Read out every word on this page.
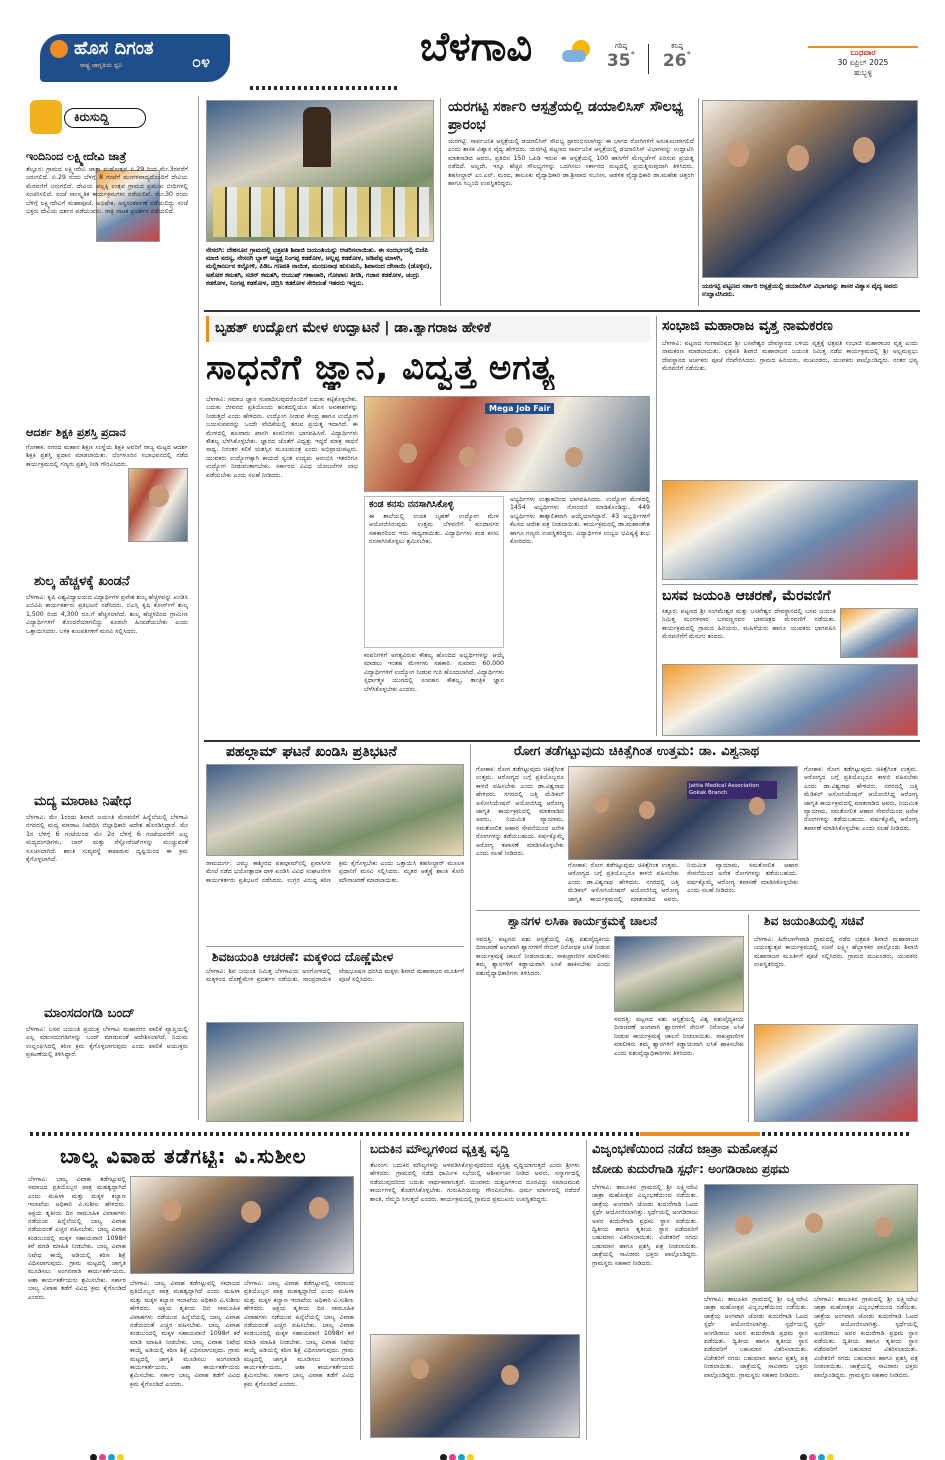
ಹೊಸ ದಿಗಂತ
ರಾಷ್ಟ್ರ ಜಾಗೃತಿಯ ಧ್ವನಿ	೦೪	ಬೆಳಗಾವಿ	ಗರಿಷ್ಠ
35°
ಕನಿಷ್ಠ
26°	ಬುಧವಾರ
30 ಏಪ್ರಿಲ್ 2025
ಹುಬ್ಬಳ್ಳಿ
ಕಿರುಸುದ್ದಿ
ಇಂದಿನಿಂದ ಲಕ್ಷ್ಮೀದೇವಿ ಜಾತ್ರೆ
ತೆಲ್ಲೂರ: ಗ್ರಾಮದ ಲಕ್ಷ್ಮೀದೇವಿ ಜಾತ್ರಾ ಮಹೋತ್ಸವ ಏ.29 ರಿಂದ ಮೇ.3ರವರೆಗೆ ಜರುಗಲಿದೆ. ಏ.29 ರಂದು ಬೆಳಗ್ಗೆ 8 ಗಂಟೆಗೆ ಮಂಗಳವಾದ್ಯದೊಂದಿಗೆ ದೇವಿಯ ಮೆರವಣಿಗೆ ಜರುಗಲಿದೆ. ದೇವಿಯ ಪಲ್ಲಕ್ಕಿ ಉತ್ಸವ ಗ್ರಾಮದ ಪ್ರಮುಖ ಬೀದಿಗಳಲ್ಲಿ ಸಂಚರಿಸಲಿದೆ. ಸಂಜೆ ಸಾಂಸ್ಕೃತಿಕ ಕಾರ್ಯಕ್ರಮಗಳು ನಡೆಯಲಿವೆ. ಮೇ.30 ರಂದು ಬೆಳಿಗ್ಗೆ ಲಕ್ಷ್ಮೀದೇವಿಗೆ ಮಹಾಪೂಜೆ, ಅಭಿಷೇಕ, ಅನ್ನಸಂತರ್ಪಣೆ ನಡೆಯಲಿದ್ದು ಸಂಜೆ ಭಕ್ತರು ದೇವಿಯ ದರ್ಶನ ಪಡೆಯುವರು. ರಾತ್ರಿ ನಾಟಕ ಪ್ರದರ್ಶನ ನಡೆಯಲಿದೆ.
ಆದರ್ಶ ಶಿಕ್ಷಕಿ ಪ್ರಶಸ್ತಿ ಪ್ರದಾನ
ಗೋಕಾಕ: ನಗರದ ಮಹಾನ ಶಿಕ್ಷಣ ಸಂಸ್ಥೆಯ ಶಿಕ್ಷಕಿ ಅವರಿಗೆ ರಾಜ್ಯ ಮಟ್ಟದ ಆದರ್ಶ ಶಿಕ್ಷಕಿ ಪ್ರಶಸ್ತಿ ಪ್ರದಾನ ಮಾಡಲಾಯಿತು. ಬೆಂಗಳೂರಿನ ಸಭಾಭವನದಲ್ಲಿ ನಡೆದ ಕಾರ್ಯಕ್ರಮದಲ್ಲಿ ಗಣ್ಯರು ಪ್ರಶಸ್ತಿ ನೀಡಿ ಗೌರವಿಸಿದರು.
ಶುಲ್ಕ ಹೆಚ್ಚಳಕ್ಕೆ ಖಂಡನೆ
ಬೆಳಗಾವಿ: ಕೃಷಿ ವಿಶ್ವವಿದ್ಯಾಲಯದ ವಿದ್ಯಾರ್ಥಿಗಳ ಪ್ರವೇಶ ಶುಲ್ಕ ಹೆಚ್ಚಳವನ್ನು ಖಂಡಿಸಿ ಎಬಿವಿಪಿ ಕಾರ್ಯಕರ್ತರು ಪ್ರತಿಭಟನೆ ನಡೆಸಿದರು. ಬಿಎಸ್ಸಿ ಕೃಷಿ ಕೋರ್ಸ್‌ಗೆ ಶುಲ್ಕ 1,500 ರಿಂದ 4,300 ರೂ.ಗೆ ಹೆಚ್ಚಿಸಲಾಗಿದೆ. ಶುಲ್ಕ ಹೆಚ್ಚಳದಿಂದ ಗ್ರಾಮೀಣ ವಿದ್ಯಾರ್ಥಿಗಳಿಗೆ ತೊಂದರೆಯಾಗಲಿದ್ದು ಕೂಡಲೇ ಹಿಂಪಡೆಯಬೇಕು ಎಂದು ಒತ್ತಾಯಿಸಿದರು. ಬಳಿಕ ಕುಲಪತಿಗಳಿಗೆ ಮನವಿ ಸಲ್ಲಿಸಿದರು.
ಮದ್ಯ ಮಾರಾಟ ನಿಷೇಧ
ಬೆಳಗಾವಿ: ಮೇ 1ರಂದು ಶಿವಾಜಿ ಜಯಂತಿ ಮೆರವಣಿಗೆ ಹಿನ್ನೆಲೆಯಲ್ಲಿ ಬೆಳಗಾವಿ ನಗರದಲ್ಲಿ ಮದ್ಯ ಮಾರಾಟ ನಿಷೇಧಿಸಿ ಜಿಲ್ಲಾಧಿಕಾರಿ ಆದೇಶ ಹೊರಡಿಸಿದ್ದಾರೆ. ಮೇ 1ರ ಬೆಳಿಗ್ಗೆ 6 ಗಂಟೆಯಿಂದ ಮೇ 2ರ ಬೆಳಿಗ್ಗೆ 6 ಗಂಟೆಯವರೆಗೆ ಎಲ್ಲ ಮದ್ಯದಂಗಡಿಗಳು, ಬಾರ್ ಮತ್ತು ರೆಸ್ಟೋರೆಂಟ್‌ಗಳನ್ನು ಮುಚ್ಚುವಂತೆ ಸೂಚಿಸಲಾಗಿದೆ. ಶಾಂತಿ ಸುವ್ಯವಸ್ಥೆ ಕಾಪಾಡುವ ದೃಷ್ಟಿಯಿಂದ ಈ ಕ್ರಮ ಕೈಗೊಳ್ಳಲಾಗಿದೆ.
ಮಾಂಸದಂಗಡಿ ಬಂದ್
ಬೆಳಗಾವಿ: ಬಸವ ಜಯಂತಿ ಪ್ರಯುಕ್ತ ಬೆಳಗಾವಿ ಮಹಾನಗರ ಪಾಲಿಕೆ ವ್ಯಾಪ್ತಿಯಲ್ಲಿ ಎಲ್ಲ ಮಾಂಸದಂಗಡಿಗಳನ್ನು ಬಂದ್ ಮಾಡುವಂತೆ ಆದೇಶಿಸಲಾಗಿದೆ. ನಿಯಮ ಉಲ್ಲಂಘಿಸಿದಲ್ಲಿ ಕಠಿಣ ಕ್ರಮ ಕೈಗೊಳ್ಳಲಾಗುವುದು ಎಂದು ಪಾಲಿಕೆ ಆಯುಕ್ತರು ಪ್ರಕಟಣೆಯಲ್ಲಿ ತಿಳಿಸಿದ್ದಾರೆ.
ನೇಸರಗಿ: ದೇಶನೂರ ಗ್ರಾಮದಲ್ಲಿ ಛತ್ರಪತಿ ಶಿವಾಜಿ ಜಯಂತಿಯನ್ನು ಆಚರಿಸಲಾಯಿತು. ಈ ಸಂದರ್ಭದಲ್ಲಿ ಬಿಜೆಪಿ ಮಾಜಿ ಸದಸ್ಯ, ನೇಸರಗಿ ಬ್ಲಾಕ್ ಅಧ್ಯಕ್ಷ ನಿಂಗಪ್ಪ ಕಡಕೋಳ, ಅಲ್ಲಪ್ಪ ಕಡಕೋಳ, ಅಡಿವೆಪ್ಪ ಮಾಳಗಿ, ಮಲ್ಲಿಕಾರ್ಜುನ ಕಲ್ಲೋಳಿ, ಪಿಡಿಒ ಗಣಪತಿ ನಾಯಿಕ, ಮಂಜುನಾಥ ಹುಲಮನಿ, ಶಿವಾನಂದ ದೇಸಾಯಿ (ಡೊಳ್ಳಿನ), ಅಶೋಕ ಕಮತಗಿ, ಸಚಿನ್ ಕಮತಗಿ, ಆಯುಷ್ ಗಣಾಚಾರಿ, ಗೋಪಾಲ ತಿಗಡಿ, ಗಜಾನ ಕಡಕೋಳ, ಚಂದ್ರು ಕಡಕೋಳ, ನಿಂಗಪ್ಪ ಕಡಕೋಳ, ಚಿದ್ರಿಸಿ ಕಡಕೋಳ ಸೇರಿದಂತೆ ಇತರರು ಇದ್ದರು.
ಯರಗಟ್ಟಿ ಸರ್ಕಾರಿ ಆಸ್ಪತ್ರೆಯಲ್ಲಿ ಡಯಾಲಿಸಿಸ್ ಸೌಲಭ್ಯ ಪ್ರಾರಂಭ
ಯರಗಟ್ಟಿ: ಸಾರ್ವಜನಿಕ ಆಸ್ಪತ್ರೆಯಲ್ಲಿ ಡಯಾಲಿಸಿಸ್ ಸೌಲಭ್ಯ ಪ್ರಾರಂಭಿಸಲಾಗಿದ್ದು ಈ ಭಾಗದ ರೋಗಿಗಳಿಗೆ ಅನುಕೂಲವಾಗಲಿದೆ ಎಂದು ಶಾಸಕ ವಿಶ್ವಾಸ ವೈದ್ಯ ಹೇಳಿದರು. ಯರಗಟ್ಟಿ ಪಟ್ಟಣದ ಸಾರ್ವಜನಿಕ ಆಸ್ಪತ್ರೆಯಲ್ಲಿ ಡಯಾಲಿಸಿಸ್ ವಿಭಾಗವನ್ನು ಉದ್ಘಾಟಿಸಿ ಮಾತನಾಡಿದ ಅವರು, ಪ್ರತಿದಿನ 150 ಒಪಿಡಿ ಇರುವ ಈ ಆಸ್ಪತ್ರೆಯಲ್ಲಿ 100 ಹಾಸಿಗೆಗೆ ಮೇಲ್ದರ್ಜೆಗೆ ಏರಿಸುವ ಪ್ರಯತ್ನ ನಡೆದಿದೆ. ಅಲ್ಲದೇ, ಇನ್ನೂ ಹೆಚ್ಚಿನ ಸೌಲಭ್ಯಗಳನ್ನು ಒದಗಿಸಲು ಸರ್ಕಾರದ ಮಟ್ಟದಲ್ಲಿ ಪ್ರಯತ್ನಿಸುವುದಾಗಿ ತಿಳಿಸಿದರು. ತಹಸೀಲ್ದಾರ್ ಎಂ.ಎನ್. ಮಠದ, ತಾಲೂಕು ವೈದ್ಯಾಧಿಕಾರಿ ಡಾ.ಶ್ರೀಪಾದ ಸಬನೀಸ, ಆಡಳಿತ ವೈದ್ಯಾಧಿಕಾರಿ ಡಾ.ಮಹೇಶ ಚಿತ್ತರಗಿ ಹಾಗೂ ಸಿಬ್ಬಂದಿ ಉಪಸ್ಥಿತರಿದ್ದರು.
ಯರಗಟ್ಟಿ ಪಟ್ಟಣದ ಸರ್ಕಾರಿ ಆಸ್ಪತ್ರೆಯಲ್ಲಿ ಡಯಾಲಿಸಿಸ್ ವಿಭಾಗವನ್ನು ಶಾಸಕ ವಿಶ್ವಾಸ ವೈದ್ಯ ಅವರು ಉದ್ಘಾಟಿಸಿದರು.
ಬೃಹತ್ ಉದ್ಯೋಗ ಮೇಳ ಉದ್ಘಾಟನೆ | ಡಾ.ತ್ಯಾಗರಾಜ ಹೇಳಿಕೆ
ಸಾಧನೆಗೆ ಜ್ಞಾನ, ವಿದ್ವತ್ತ ಅಗತ್ಯ
ಬೆಳಗಾವಿ: ಸಮಾಜ ಜ್ಞಾನ ಸಂಪಾದಿಸುವುದರೊಂದಿಗೆ ಬದುಕು ಕಟ್ಟಿಕೊಳ್ಳಬೇಕು. ಬದುಕು ಜೀವನದ ಪ್ರತಿಯೊಂದು ಹಂತದಲ್ಲಿಯೂ ಹೊಸ ಅವಕಾಶಗಳನ್ನು ನೀಡುತ್ತದೆ ಎಂದು ಹೇಳಿದರು. ಉದ್ಯೋಗ ನೀಡುವ ಕೇಂದ್ರ ಹಾಗೂ ಉದ್ಯೋಗ ಬಯಸುವವರನ್ನು ಒಂದೇ ವೇದಿಕೆಯಲ್ಲಿ ತರುವ ಪ್ರಯತ್ನ ಇದಾಗಿದೆ. ಈ ಮೇಳದಲ್ಲಿ ಹಲವಾರು ಖಾಸಗಿ ಕಂಪನಿಗಳು ಭಾಗವಹಿಸಿವೆ. ವಿದ್ಯಾರ್ಥಿಗಳು ಕೌಶಲ್ಯ ಬೆಳೆಸಿಕೊಳ್ಳಬೇಕು. ಜ್ಞಾನದ ಜೊತೆಗೆ ವಿದ್ವತ್ತು ಇದ್ದರೆ ಮಾತ್ರ ಸಾಧನೆ ಸಾಧ್ಯ. ನಿರಂತರ ಕಲಿಕೆ ಯಶಸ್ಸಿನ ಮೂಲಮಂತ್ರ ಎಂದು ಅಭಿಪ್ರಾಯಪಟ್ಟರು. ಯುವಕರು ಉದ್ಯೋಗಕ್ಕಾಗಿ ಕಾಯದೆ ಸ್ವಂತ ಉದ್ಯಮ ಆರಂಭಿಸಿ ಇತರರಿಗೂ ಉದ್ಯೋಗ ನೀಡುವಂತಾಗಬೇಕು. ಸರ್ಕಾರದ ವಿವಿಧ ಯೋಜನೆಗಳ ಲಾಭ ಪಡೆಯಬೇಕು ಎಂದು ಸಲಹೆ ನೀಡಿದರು.
Mega Job Fair
ಕಂಡ ಕನಸು ನನಸಾಗಿಸಿಕೊಳ್ಳಿ
ಈ ಶಾಲೆಯಲ್ಲಿ ಉಚಿತ ಬೃಹತ್ ಉದ್ಯೋಗ ಮೇಳ ಆಯೋಜಿಸಿರುವುದು ಉತ್ತಮ ಬೆಳವಣಿಗೆ. ಕುಂದಾನಗರ ಸಹಕಾರದಿಂದ ಇದು ಸಾಧ್ಯವಾಯಿತು. ವಿದ್ಯಾರ್ಥಿಗಳು ಕಂಡ ಕನಸು ನನಸಾಗಿಸಿಕೊಳ್ಳಲು ಶ್ರಮಿಸಬೇಕು.
ಕಂಪನಿಗಳಿಗೆ ಅಗತ್ಯವಿರುವ ಕೌಶಲ್ಯ ಹೊಂದಿದ ಅಭ್ಯರ್ಥಿಗಳನ್ನು ಆಯ್ಕೆ ಮಾಡಲು ಇಂತಹ ಮೇಳಗಳು ಸಹಕಾರಿ. ಸುಮಾರು 60,000 ವಿದ್ಯಾರ್ಥಿಗಳಿಗೆ ಉದ್ಯೋಗ ನೀಡುವ ಗುರಿ ಹೊಂದಲಾಗಿದೆ. ವಿದ್ಯಾರ್ಥಿಗಳು ಸ್ಪರ್ಧಾತ್ಮಕ ಯುಗದಲ್ಲಿ ಸಂವಹನ ಕೌಶಲ್ಯ, ತಾಂತ್ರಿಕ ಜ್ಞಾನ ಬೆಳೆಸಿಕೊಳ್ಳಬೇಕು ಎಂದರು.
ಅಭ್ಯರ್ಥಿಗಳು ಉತ್ಸಾಹದಿಂದ ಭಾಗವಹಿಸಿದರು. ಉದ್ಯೋಗ ಮೇಳದಲ್ಲಿ 1454 ಅಭ್ಯರ್ಥಿಗಳು ನೋಂದಣಿ ಮಾಡಿಕೊಂಡಿದ್ದು, 449 ಅಭ್ಯರ್ಥಿಗಳು ತಾತ್ಕಾಲಿಕವಾಗಿ ಆಯ್ಕೆಯಾಗಿದ್ದಾರೆ. 43 ಅಭ್ಯರ್ಥಿಗಳಿಗೆ ಕೆಲಸದ ಆದೇಶ ಪತ್ರ ನೀಡಲಾಯಿತು. ಕಾರ್ಯಕ್ರಮದಲ್ಲಿ ಡಾ.ಮಹಾಂತೇಶ ಹಾಗೂ ಗಣ್ಯರು ಉಪಸ್ಥಿತರಿದ್ದರು. ವಿದ್ಯಾರ್ಥಿಗಳ ಉಜ್ವಲ ಭವಿಷ್ಯಕ್ಕೆ ಶುಭ ಕೋರಿದರು.
ಸಂಭಾಜಿ ಮಹಾರಾಜ ವೃತ್ತ ನಾಮಕರಣ
ಬೆಳಗಾವಿ: ಪಟ್ಟಣದ ಗಂಗಾಪರಿಷದ ಶ್ರೀ ಬಸವೇಶ್ವರ ದೇವಸ್ಥಾನದ ಬಳಿಯ ವೃತ್ತಕ್ಕೆ ಛತ್ರಪತಿ ಸಂಭಾಜಿ ಮಹಾರಾಜರ ವೃತ್ತ ಎಂದು ನಾಮಕರಣ ಮಾಡಲಾಯಿತು. ಛತ್ರಪತಿ ಶಿವಾಜಿ ಮಹಾರಾಜರ ಜಯಂತಿ ನಿಮಿತ್ತ ನಡೆದ ಕಾರ್ಯಕ್ರಮದಲ್ಲಿ ಶ್ರೀ ಅಲ್ಲಮಪ್ರಭು ದೇವಸ್ಥಾನದ ಅರ್ಚಕರು ಪೂಜೆ ನೆರವೇರಿಸಿದರು. ಗ್ರಾಮದ ಹಿರಿಯರು, ಮುಖಂಡರು, ಯುವಕರು ಪಾಲ್ಗೊಂಡಿದ್ದರು. ನಂತರ ಭವ್ಯ ಮೆರವಣಿಗೆ ನಡೆಯಿತು.
ಬಸವ ಜಯಂತಿ ಆಚರಣೆ, ಮೆರವಣಿಗೆ
ಕಿತ್ತೂರ: ಪಟ್ಟಣದ ಶ್ರೀ ಸಂಗಮೇಶ್ವರ ಮತ್ತು ಬಸವೇಶ್ವರ ದೇವಸ್ಥಾನದಲ್ಲಿ ಬಸವ ಜಯಂತಿ ನಿಮಿತ್ತ ಮಂಗಳವಾರ ಬಸವಣ್ಣನವರ ಭಾವಚಿತ್ರದ ಮೆರವಣಿಗೆ ನಡೆಯಿತು. ಕಾರ್ಯಕ್ರಮದಲ್ಲಿ ಗ್ರಾಮದ ಹಿರಿಯರು, ಮಹಿಳೆಯರು ಹಾಗೂ ಯುವಕರು ಭಾಗವಹಿಸಿ ಮೆರವಣಿಗೆಗೆ ಮೆರುಗು ತಂದರು.
ಪಹಲ್ಗಾಮ್ ಘಟನೆ ಖಂಡಿಸಿ ಪ್ರತಿಭಟನೆ
ರಾಮದುರ್ಗ: ಜಮ್ಮು ಕಾಶ್ಮೀರದ ಪಹಲ್ಗಾಮ್‌ನಲ್ಲಿ ಪ್ರವಾಸಿಗರ ಮೇಲೆ ನಡೆದ ಭಯೋತ್ಪಾದಕ ದಾಳಿ ಖಂಡಿಸಿ ವಿವಿಧ ಸಂಘಟನೆಗಳ ಕಾರ್ಯಕರ್ತರು ಪ್ರತಿಭಟನೆ ನಡೆಸಿದರು. ಉಗ್ರರ ವಿರುದ್ಧ ಕಠಿಣ ಕ್ರಮ ಕೈಗೊಳ್ಳಬೇಕು ಎಂದು ಒತ್ತಾಯಿಸಿ ತಹಸೀಲ್ದಾರ್ ಮೂಲಕ ಪ್ರಧಾನಿಗೆ ಮನವಿ ಸಲ್ಲಿಸಿದರು. ಮೃತರ ಆತ್ಮಕ್ಕೆ ಶಾಂತಿ ಕೋರಿ ಮೌನಾಚರಣೆ ಮಾಡಲಾಯಿತು.
ಶಿವಜಯಂತಿ ಆಚರಣೆ: ಮಕ್ಕಳಿಂದ ದೊಣ್ಣೆಮೇಳ
ಬೆಳಗಾವಿ: ಶಿವ ಜಯಂತಿ ನಿಮಿತ್ತ ಬೆಳಗಾವಿಯ ಅನಗೋಳದಲ್ಲಿ ಮಕ್ಕಳಿಂದ ದೊಣ್ಣೆಮೇಳ ಪ್ರದರ್ಶನ ನಡೆಯಿತು. ಸಾಂಪ್ರದಾಯಿಕ ವೇಷಭೂಷಣ ಧರಿಸಿದ ಮಕ್ಕಳು ಶಿವಾಜಿ ಮಹಾರಾಜರ ಮೂರ್ತಿಗೆ ಪೂಜೆ ಸಲ್ಲಿಸಿದರು.
ರೋಗ ತಡೆಗಟ್ಟುವುದು ಚಿಕಿತ್ಸೆಗಿಂತ ಉತ್ತಮ: ಡಾ. ವಿಶ್ವನಾಥ
ಗೋಕಾಕ: ರೋಗ ತಡೆಗಟ್ಟುವುದು ಚಿಕಿತ್ಸೆಗಿಂತ ಉತ್ತಮ. ಆರೋಗ್ಯದ ಬಗ್ಗೆ ಪ್ರತಿಯೊಬ್ಬರೂ ಕಾಳಜಿ ವಹಿಸಬೇಕು ಎಂದು ಡಾ.ವಿಶ್ವನಾಥ ಹೇಳಿದರು. ನಗರದಲ್ಲಿ ಜತ್ತಿ ಮೆಡಿಕಲ್ ಅಸೋಸಿಯೇಷನ್ ಆಯೋಜಿಸಿದ್ದ ಆರೋಗ್ಯ ಜಾಗೃತಿ ಕಾರ್ಯಕ್ರಮದಲ್ಲಿ ಮಾತನಾಡಿದ ಅವರು, ನಿಯಮಿತ ವ್ಯಾಯಾಮ, ಸಮತೋಲಿತ ಆಹಾರ ಸೇವನೆಯಿಂದ ಅನೇಕ ರೋಗಗಳನ್ನು ತಡೆಯಬಹುದು. ವರ್ಷಕ್ಕೊಮ್ಮೆ ಆರೋಗ್ಯ ತಪಾಸಣೆ ಮಾಡಿಸಿಕೊಳ್ಳಬೇಕು ಎಂದು ಸಲಹೆ ನೀಡಿದರು.
Jattia Medical Association Gokak Branch
ಗೋಕಾಕ: ರೋಗ ತಡೆಗಟ್ಟುವುದು ಚಿಕಿತ್ಸೆಗಿಂತ ಉತ್ತಮ. ಆರೋಗ್ಯದ ಬಗ್ಗೆ ಪ್ರತಿಯೊಬ್ಬರೂ ಕಾಳಜಿ ವಹಿಸಬೇಕು ಎಂದು ಡಾ.ವಿಶ್ವನಾಥ ಹೇಳಿದರು. ನಗರದಲ್ಲಿ ಜತ್ತಿ ಮೆಡಿಕಲ್ ಅಸೋಸಿಯೇಷನ್ ಆಯೋಜಿಸಿದ್ದ ಆರೋಗ್ಯ ಜಾಗೃತಿ ಕಾರ್ಯಕ್ರಮದಲ್ಲಿ ಮಾತನಾಡಿದ ಅವರು, ನಿಯಮಿತ ವ್ಯಾಯಾಮ, ಸಮತೋಲಿತ ಆಹಾರ ಸೇವನೆಯಿಂದ ಅನೇಕ ರೋಗಗಳನ್ನು ತಡೆಯಬಹುದು. ವರ್ಷಕ್ಕೊಮ್ಮೆ ಆರೋಗ್ಯ ತಪಾಸಣೆ ಮಾಡಿಸಿಕೊಳ್ಳಬೇಕು ಎಂದು ಸಲಹೆ ನೀಡಿದರು.
ಗೋಕಾಕ: ರೋಗ ತಡೆಗಟ್ಟುವುದು ಚಿಕಿತ್ಸೆಗಿಂತ ಉತ್ತಮ. ಆರೋಗ್ಯದ ಬಗ್ಗೆ ಪ್ರತಿಯೊಬ್ಬರೂ ಕಾಳಜಿ ವಹಿಸಬೇಕು ಎಂದು ಡಾ.ವಿಶ್ವನಾಥ ಹೇಳಿದರು. ನಗರದಲ್ಲಿ ಜತ್ತಿ ಮೆಡಿಕಲ್ ಅಸೋಸಿಯೇಷನ್ ಆಯೋಜಿಸಿದ್ದ ಆರೋಗ್ಯ ಜಾಗೃತಿ ಕಾರ್ಯಕ್ರಮದಲ್ಲಿ ಮಾತನಾಡಿದ ಅವರು, ನಿಯಮಿತ ವ್ಯಾಯಾಮ, ಸಮತೋಲಿತ ಆಹಾರ ಸೇವನೆಯಿಂದ ಅನೇಕ ರೋಗಗಳನ್ನು ತಡೆಯಬಹುದು. ವರ್ಷಕ್ಕೊಮ್ಮೆ ಆರೋಗ್ಯ ತಪಾಸಣೆ ಮಾಡಿಸಿಕೊಳ್ಳಬೇಕು ಎಂದು ಸಲಹೆ ನೀಡಿದರು.
ಶ್ವಾನಗಳ ಲಸಿಕಾ ಕಾರ್ಯಕ್ರಮಕ್ಕೆ ಚಾಲನೆ
ಸವದತ್ತಿ: ಪಟ್ಟಣದ ಪಶು ಆಸ್ಪತ್ರೆಯಲ್ಲಿ ವಿಶ್ವ ಪಶುವೈದ್ಯಕೀಯ ದಿನಾಚರಣೆ ಅಂಗವಾಗಿ ಶ್ವಾನಗಳಿಗೆ ರೇಬಿಸ್ ನಿರೋಧಕ ಲಸಿಕೆ ನೀಡುವ ಕಾರ್ಯಕ್ರಮಕ್ಕೆ ಚಾಲನೆ ನೀಡಲಾಯಿತು. ಸಾಕುಪ್ರಾಣಿಗಳ ಮಾಲೀಕರು ತಮ್ಮ ಶ್ವಾನಗಳಿಗೆ ಕಡ್ಡಾಯವಾಗಿ ಲಸಿಕೆ ಹಾಕಿಸಬೇಕು ಎಂದು ಪಶುವೈದ್ಯಾಧಿಕಾರಿಗಳು ತಿಳಿಸಿದರು.
ಸವದತ್ತಿ: ಪಟ್ಟಣದ ಪಶು ಆಸ್ಪತ್ರೆಯಲ್ಲಿ ವಿಶ್ವ ಪಶುವೈದ್ಯಕೀಯ ದಿನಾಚರಣೆ ಅಂಗವಾಗಿ ಶ್ವಾನಗಳಿಗೆ ರೇಬಿಸ್ ನಿರೋಧಕ ಲಸಿಕೆ ನೀಡುವ ಕಾರ್ಯಕ್ರಮಕ್ಕೆ ಚಾಲನೆ ನೀಡಲಾಯಿತು. ಸಾಕುಪ್ರಾಣಿಗಳ ಮಾಲೀಕರು ತಮ್ಮ ಶ್ವಾನಗಳಿಗೆ ಕಡ್ಡಾಯವಾಗಿ ಲಸಿಕೆ ಹಾಕಿಸಬೇಕು ಎಂದು ಪಶುವೈದ್ಯಾಧಿಕಾರಿಗಳು ತಿಳಿಸಿದರು.
ಶಿವ ಜಯಂತಿಯಲ್ಲಿ ಸಚಿವೆ
ಬೆಳಗಾವಿ: ಹಿರೇಬಾಗೇವಾಡಿ ಗ್ರಾಮದಲ್ಲಿ ನಡೆದ ಛತ್ರಪತಿ ಶಿವಾಜಿ ಮಹಾರಾಜರ ಜಯಂತ್ಯುತ್ಸವ ಕಾರ್ಯಕ್ರಮದಲ್ಲಿ ಸಚಿವೆ ಲಕ್ಷ್ಮೀ ಹೆಬ್ಬಾಳಕರ ಪಾಲ್ಗೊಂಡು ಶಿವಾಜಿ ಮಹಾರಾಜರ ಮೂರ್ತಿಗೆ ಪೂಜೆ ಸಲ್ಲಿಸಿದರು. ಗ್ರಾಮದ ಮುಖಂಡರು, ಯುವಕರು ಉಪಸ್ಥಿತರಿದ್ದರು.
ಬಾಲ್ಯ ವಿವಾಹ ತಡೆಗಟ್ಟಿ: ವಿ.ಸುಶೀಲ
ಬೆಳಗಾವಿ: ಬಾಲ್ಯ ವಿವಾಹ ತಡೆಗಟ್ಟುವಲ್ಲಿ ಸಮಾಜದ ಪ್ರತಿಯೊಬ್ಬರ ಪಾತ್ರ ಮಹತ್ವದ್ದಾಗಿದೆ ಎಂದು ಮಹಿಳಾ ಮತ್ತು ಮಕ್ಕಳ ಕಲ್ಯಾಣ ಇಲಾಖೆಯ ಅಧಿಕಾರಿ ವಿ.ಸುಶೀಲ ಹೇಳಿದರು. ಅಕ್ಷಯ ತೃತೀಯ ದಿನ ಸಾಮೂಹಿಕ ವಿವಾಹಗಳು ನಡೆಯುವ ಹಿನ್ನೆಲೆಯಲ್ಲಿ ಬಾಲ್ಯ ವಿವಾಹ ನಡೆಯದಂತೆ ಎಚ್ಚರ ವಹಿಸಬೇಕು. ಬಾಲ್ಯ ವಿವಾಹ ಕಂಡುಬಂದಲ್ಲಿ ಮಕ್ಕಳ ಸಹಾಯವಾಣಿ 1098ಗೆ ಕರೆ ಮಾಡಿ ಮಾಹಿತಿ ನೀಡಬೇಕು. ಬಾಲ್ಯ ವಿವಾಹ ನಿಷೇಧ ಕಾಯ್ದೆ ಅಡಿಯಲ್ಲಿ ಕಠಿಣ ಶಿಕ್ಷೆ ವಿಧಿಸಲಾಗುವುದು. ಗ್ರಾಮ ಮಟ್ಟದಲ್ಲಿ ಜಾಗೃತಿ ಮೂಡಿಸಲು ಅಂಗನವಾಡಿ ಕಾರ್ಯಕರ್ತೆಯರು, ಆಶಾ ಕಾರ್ಯಕರ್ತೆಯರು ಶ್ರಮಿಸಬೇಕು. ಸರ್ಕಾರ ಬಾಲ್ಯ ವಿವಾಹ ತಡೆಗೆ ವಿವಿಧ ಕ್ರಮ ಕೈಗೊಂಡಿದೆ ಎಂದರು.
ಬೆಳಗಾವಿ: ಬಾಲ್ಯ ವಿವಾಹ ತಡೆಗಟ್ಟುವಲ್ಲಿ ಸಮಾಜದ ಪ್ರತಿಯೊಬ್ಬರ ಪಾತ್ರ ಮಹತ್ವದ್ದಾಗಿದೆ ಎಂದು ಮಹಿಳಾ ಮತ್ತು ಮಕ್ಕಳ ಕಲ್ಯಾಣ ಇಲಾಖೆಯ ಅಧಿಕಾರಿ ವಿ.ಸುಶೀಲ ಹೇಳಿದರು. ಅಕ್ಷಯ ತೃತೀಯ ದಿನ ಸಾಮೂಹಿಕ ವಿವಾಹಗಳು ನಡೆಯುವ ಹಿನ್ನೆಲೆಯಲ್ಲಿ ಬಾಲ್ಯ ವಿವಾಹ ನಡೆಯದಂತೆ ಎಚ್ಚರ ವಹಿಸಬೇಕು. ಬಾಲ್ಯ ವಿವಾಹ ಕಂಡುಬಂದಲ್ಲಿ ಮಕ್ಕಳ ಸಹಾಯವಾಣಿ 1098ಗೆ ಕರೆ ಮಾಡಿ ಮಾಹಿತಿ ನೀಡಬೇಕು. ಬಾಲ್ಯ ವಿವಾಹ ನಿಷೇಧ ಕಾಯ್ದೆ ಅಡಿಯಲ್ಲಿ ಕಠಿಣ ಶಿಕ್ಷೆ ವಿಧಿಸಲಾಗುವುದು. ಗ್ರಾಮ ಮಟ್ಟದಲ್ಲಿ ಜಾಗೃತಿ ಮೂಡಿಸಲು ಅಂಗನವಾಡಿ ಕಾರ್ಯಕರ್ತೆಯರು, ಆಶಾ ಕಾರ್ಯಕರ್ತೆಯರು ಶ್ರಮಿಸಬೇಕು. ಸರ್ಕಾರ ಬಾಲ್ಯ ವಿವಾಹ ತಡೆಗೆ ವಿವಿಧ ಕ್ರಮ ಕೈಗೊಂಡಿದೆ ಎಂದರು.
ಬೆಳಗಾವಿ: ಬಾಲ್ಯ ವಿವಾಹ ತಡೆಗಟ್ಟುವಲ್ಲಿ ಸಮಾಜದ ಪ್ರತಿಯೊಬ್ಬರ ಪಾತ್ರ ಮಹತ್ವದ್ದಾಗಿದೆ ಎಂದು ಮಹಿಳಾ ಮತ್ತು ಮಕ್ಕಳ ಕಲ್ಯಾಣ ಇಲಾಖೆಯ ಅಧಿಕಾರಿ ವಿ.ಸುಶೀಲ ಹೇಳಿದರು. ಅಕ್ಷಯ ತೃತೀಯ ದಿನ ಸಾಮೂಹಿಕ ವಿವಾಹಗಳು ನಡೆಯುವ ಹಿನ್ನೆಲೆಯಲ್ಲಿ ಬಾಲ್ಯ ವಿವಾಹ ನಡೆಯದಂತೆ ಎಚ್ಚರ ವಹಿಸಬೇಕು. ಬಾಲ್ಯ ವಿವಾಹ ಕಂಡುಬಂದಲ್ಲಿ ಮಕ್ಕಳ ಸಹಾಯವಾಣಿ 1098ಗೆ ಕರೆ ಮಾಡಿ ಮಾಹಿತಿ ನೀಡಬೇಕು. ಬಾಲ್ಯ ವಿವಾಹ ನಿಷೇಧ ಕಾಯ್ದೆ ಅಡಿಯಲ್ಲಿ ಕಠಿಣ ಶಿಕ್ಷೆ ವಿಧಿಸಲಾಗುವುದು. ಗ್ರಾಮ ಮಟ್ಟದಲ್ಲಿ ಜಾಗೃತಿ ಮೂಡಿಸಲು ಅಂಗನವಾಡಿ ಕಾರ್ಯಕರ್ತೆಯರು, ಆಶಾ ಕಾರ್ಯಕರ್ತೆಯರು ಶ್ರಮಿಸಬೇಕು. ಸರ್ಕಾರ ಬಾಲ್ಯ ವಿವಾಹ ತಡೆಗೆ ವಿವಿಧ ಕ್ರಮ ಕೈಗೊಂಡಿದೆ ಎಂದರು.
ಬದುಕಿನ ಮೌಲ್ಯಗಳಿಂದ ವ್ಯಕ್ತಿತ್ವ ವೃದ್ಧಿ
ತೆಲಸಂಗ: ಬದುಕಿನ ಮೌಲ್ಯಗಳನ್ನು ಅಳವಡಿಸಿಕೊಳ್ಳುವುದರಿಂದ ವ್ಯಕ್ತಿತ್ವ ವೃದ್ಧಿಯಾಗುತ್ತದೆ ಎಂದು ಶ್ರೀಗಳು ಹೇಳಿದರು. ಗ್ರಾಮದಲ್ಲಿ ನಡೆದ ಧಾರ್ಮಿಕ ಸಭೆಯಲ್ಲಿ ಆಶೀರ್ವಚನ ನೀಡಿದ ಅವರು, ಸನ್ಮಾರ್ಗದಲ್ಲಿ ನಡೆಯುವುದರಿಂದ ಬದುಕು ಸಾರ್ಥಕವಾಗುತ್ತದೆ. ಯುವಕರು ದುಶ್ಚಟಗಳಿಂದ ದೂರವಿದ್ದು ಸಮಾಜಮುಖಿ ಕಾರ್ಯಗಳಲ್ಲಿ ತೊಡಗಿಸಿಕೊಳ್ಳಬೇಕು. ಗುರುಹಿರಿಯರನ್ನು ಗೌರವಿಸಬೇಕು. ಧರ್ಮ ಮಾರ್ಗದಲ್ಲಿ ನಡೆದರೆ ಶಾಂತಿ, ನೆಮ್ಮದಿ ಸಿಗುತ್ತದೆ ಎಂದರು. ಕಾರ್ಯಕ್ರಮದಲ್ಲಿ ಗ್ರಾಮದ ಪ್ರಮುಖರು ಉಪಸ್ಥಿತರಿದ್ದರು.
ವಿಜೃಂಭಣೆಯಿಂದ ನಡೆದ ಜಾತ್ರಾ ಮಹೋತ್ಸವ
ಜೋಡು ಕುದುರೆಗಾಡಿ ಸ್ಪರ್ಧೆ: ಅಂಗಡಿರಾಜು ಪ್ರಥಮ
ಬೆಳಗಾವಿ: ತಾಲೂಕಿನ ಗ್ರಾಮದಲ್ಲಿ ಶ್ರೀ ಲಕ್ಷ್ಮೀದೇವಿ ಜಾತ್ರಾ ಮಹೋತ್ಸವ ವಿಜೃಂಭಣೆಯಿಂದ ನಡೆಯಿತು. ಜಾತ್ರೆಯ ಅಂಗವಾಗಿ ಜೋಡು ಕುದುರೆಗಾಡಿ ಓಟದ ಸ್ಪರ್ಧೆ ಆಯೋಜಿಸಲಾಗಿತ್ತು. ಸ್ಪರ್ಧೆಯಲ್ಲಿ ಅಂಗಡಿರಾಜು ಅವರ ಕುದುರೆಗಾಡಿ ಪ್ರಥಮ ಸ್ಥಾನ ಪಡೆಯಿತು. ದ್ವಿತೀಯ ಹಾಗೂ ತೃತೀಯ ಸ್ಥಾನ ಪಡೆದವರಿಗೆ ಬಹುಮಾನ ವಿತರಿಸಲಾಯಿತು. ವಿಜೇತರಿಗೆ ನಗದು ಬಹುಮಾನ ಹಾಗೂ ಪ್ರಶಸ್ತಿ ಪತ್ರ ನೀಡಲಾಯಿತು. ಜಾತ್ರೆಯಲ್ಲಿ ಸಾವಿರಾರು ಭಕ್ತರು ಪಾಲ್ಗೊಂಡಿದ್ದರು. ಗ್ರಾಮಸ್ಥರು ಸಹಕಾರ ನೀಡಿದರು.
ಬೆಳಗಾವಿ: ತಾಲೂಕಿನ ಗ್ರಾಮದಲ್ಲಿ ಶ್ರೀ ಲಕ್ಷ್ಮೀದೇವಿ ಜಾತ್ರಾ ಮಹೋತ್ಸವ ವಿಜೃಂಭಣೆಯಿಂದ ನಡೆಯಿತು. ಜಾತ್ರೆಯ ಅಂಗವಾಗಿ ಜೋಡು ಕುದುರೆಗಾಡಿ ಓಟದ ಸ್ಪರ್ಧೆ ಆಯೋಜಿಸಲಾಗಿತ್ತು. ಸ್ಪರ್ಧೆಯಲ್ಲಿ ಅಂಗಡಿರಾಜು ಅವರ ಕುದುರೆಗಾಡಿ ಪ್ರಥಮ ಸ್ಥಾನ ಪಡೆಯಿತು. ದ್ವಿತೀಯ ಹಾಗೂ ತೃತೀಯ ಸ್ಥಾನ ಪಡೆದವರಿಗೆ ಬಹುಮಾನ ವಿತರಿಸಲಾಯಿತು. ವಿಜೇತರಿಗೆ ನಗದು ಬಹುಮಾನ ಹಾಗೂ ಪ್ರಶಸ್ತಿ ಪತ್ರ ನೀಡಲಾಯಿತು. ಜಾತ್ರೆಯಲ್ಲಿ ಸಾವಿರಾರು ಭಕ್ತರು ಪಾಲ್ಗೊಂಡಿದ್ದರು. ಗ್ರಾಮಸ್ಥರು ಸಹಕಾರ ನೀಡಿದರು.
ಬೆಳಗಾವಿ: ತಾಲೂಕಿನ ಗ್ರಾಮದಲ್ಲಿ ಶ್ರೀ ಲಕ್ಷ್ಮೀದೇವಿ ಜಾತ್ರಾ ಮಹೋತ್ಸವ ವಿಜೃಂಭಣೆಯಿಂದ ನಡೆಯಿತು. ಜಾತ್ರೆಯ ಅಂಗವಾಗಿ ಜೋಡು ಕುದುರೆಗಾಡಿ ಓಟದ ಸ್ಪರ್ಧೆ ಆಯೋಜಿಸಲಾಗಿತ್ತು. ಸ್ಪರ್ಧೆಯಲ್ಲಿ ಅಂಗಡಿರಾಜು ಅವರ ಕುದುರೆಗಾಡಿ ಪ್ರಥಮ ಸ್ಥಾನ ಪಡೆಯಿತು. ದ್ವಿತೀಯ ಹಾಗೂ ತೃತೀಯ ಸ್ಥಾನ ಪಡೆದವರಿಗೆ ಬಹುಮಾನ ವಿತರಿಸಲಾಯಿತು. ವಿಜೇತರಿಗೆ ನಗದು ಬಹುಮಾನ ಹಾಗೂ ಪ್ರಶಸ್ತಿ ಪತ್ರ ನೀಡಲಾಯಿತು. ಜಾತ್ರೆಯಲ್ಲಿ ಸಾವಿರಾರು ಭಕ್ತರು ಪಾಲ್ಗೊಂಡಿದ್ದರು. ಗ್ರಾಮಸ್ಥರು ಸಹಕಾರ ನೀಡಿದರು.
